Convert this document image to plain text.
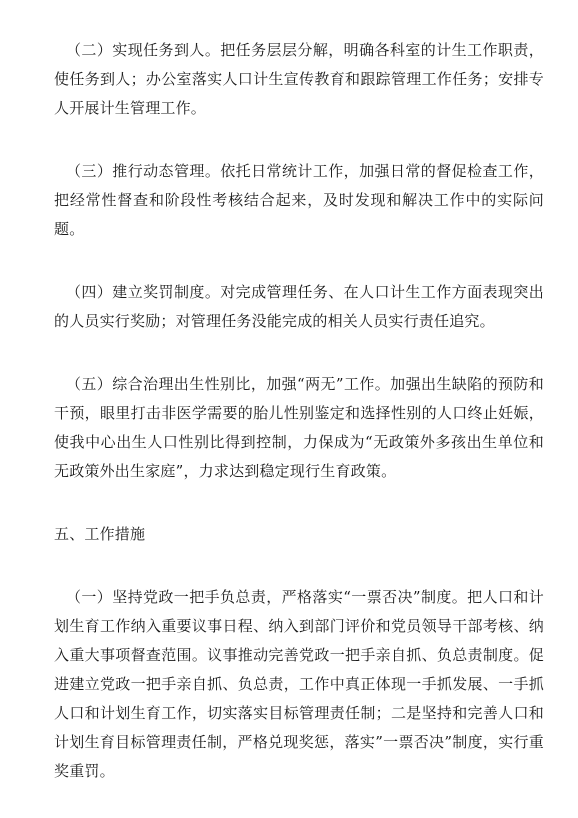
（二）实现任务到人。把任务层层分解，明确各科室的计生工作职责，使任务到人；办公室落实人口计生宣传教育和跟踪管理工作任务；安排专人开展计生管理工作。

（三）推行动态管理。依托日常统计工作，加强日常的督促检查工作，把经常性督查和阶段性考核结合起来，及时发现和解决工作中的实际问题。

（四）建立奖罚制度。对完成管理任务、在人口计生工作方面表现突出的人员实行奖励；对管理任务没能完成的相关人员实行责任追究。

（五）综合治理出生性别比，加强“两无”工作。加强出生缺陷的预防和干预，眼里打击非医学需要的胎儿性别鉴定和选择性别的人口终止妊娠，使我中心出生人口性别比得到控制，力保成为“无政策外多孩出生单位和无政策外出生家庭”，力求达到稳定现行生育政策。

五、工作措施

（一）坚持党政一把手负总责，严格落实“一票否决”制度。把人口和计划生育工作纳入重要议事日程、纳入到部门评价和党员领导干部考核、纳入重大事项督查范围。议事推动完善党政一把手亲自抓、负总责制度。促进建立党政一把手亲自抓、负总责，工作中真正体现一手抓发展、一手抓人口和计划生育工作，切实落实目标管理责任制；二是坚持和完善人口和计划生育目标管理责任制，严格兑现奖惩，落实”一票否决”制度，实行重奖重罚。
